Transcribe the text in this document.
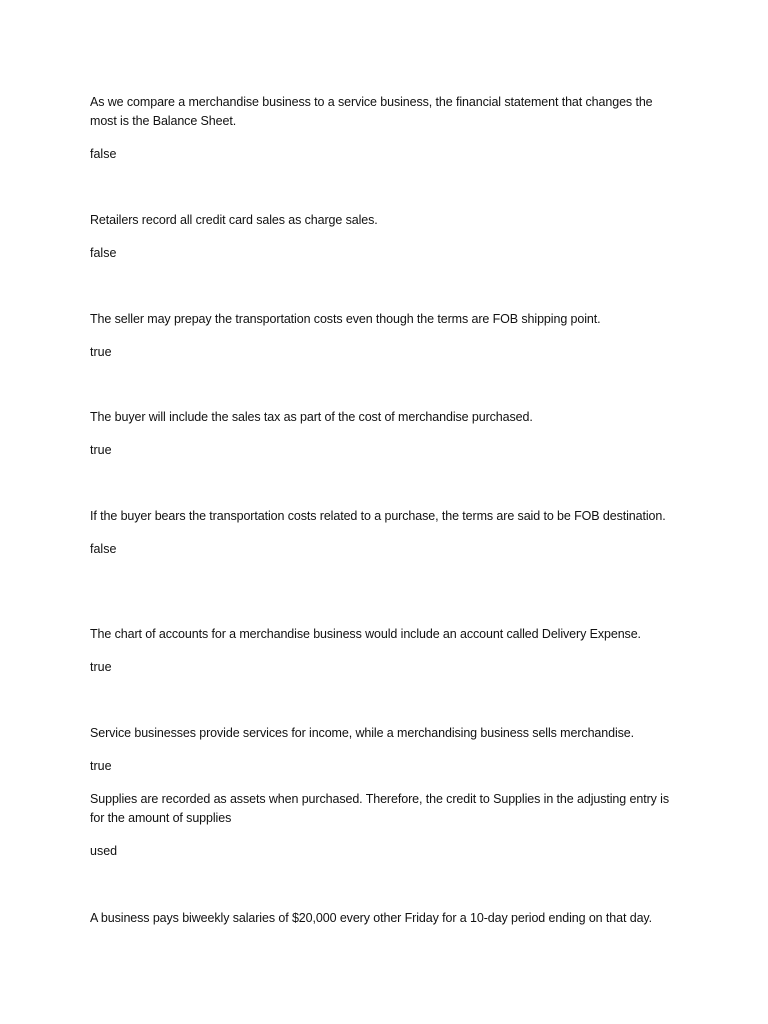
As we compare a merchandise business to a service business, the financial statement that changes the most is the Balance Sheet.

false

Retailers record all credit card sales as charge sales.

false

The seller may prepay the transportation costs even though the terms are FOB shipping point.

true

The buyer will include the sales tax as part of the cost of merchandise purchased.

true

If the buyer bears the transportation costs related to a purchase, the terms are said to be FOB destination.

false

The chart of accounts for a merchandise business would include an account called Delivery Expense.

true

Service businesses provide services for income, while a merchandising business sells merchandise.

true

Supplies are recorded as assets when purchased. Therefore, the credit to Supplies in the adjusting entry is for the amount of supplies

used

A business pays biweekly salaries of $20,000 every other Friday for a 10-day period ending on that day.
